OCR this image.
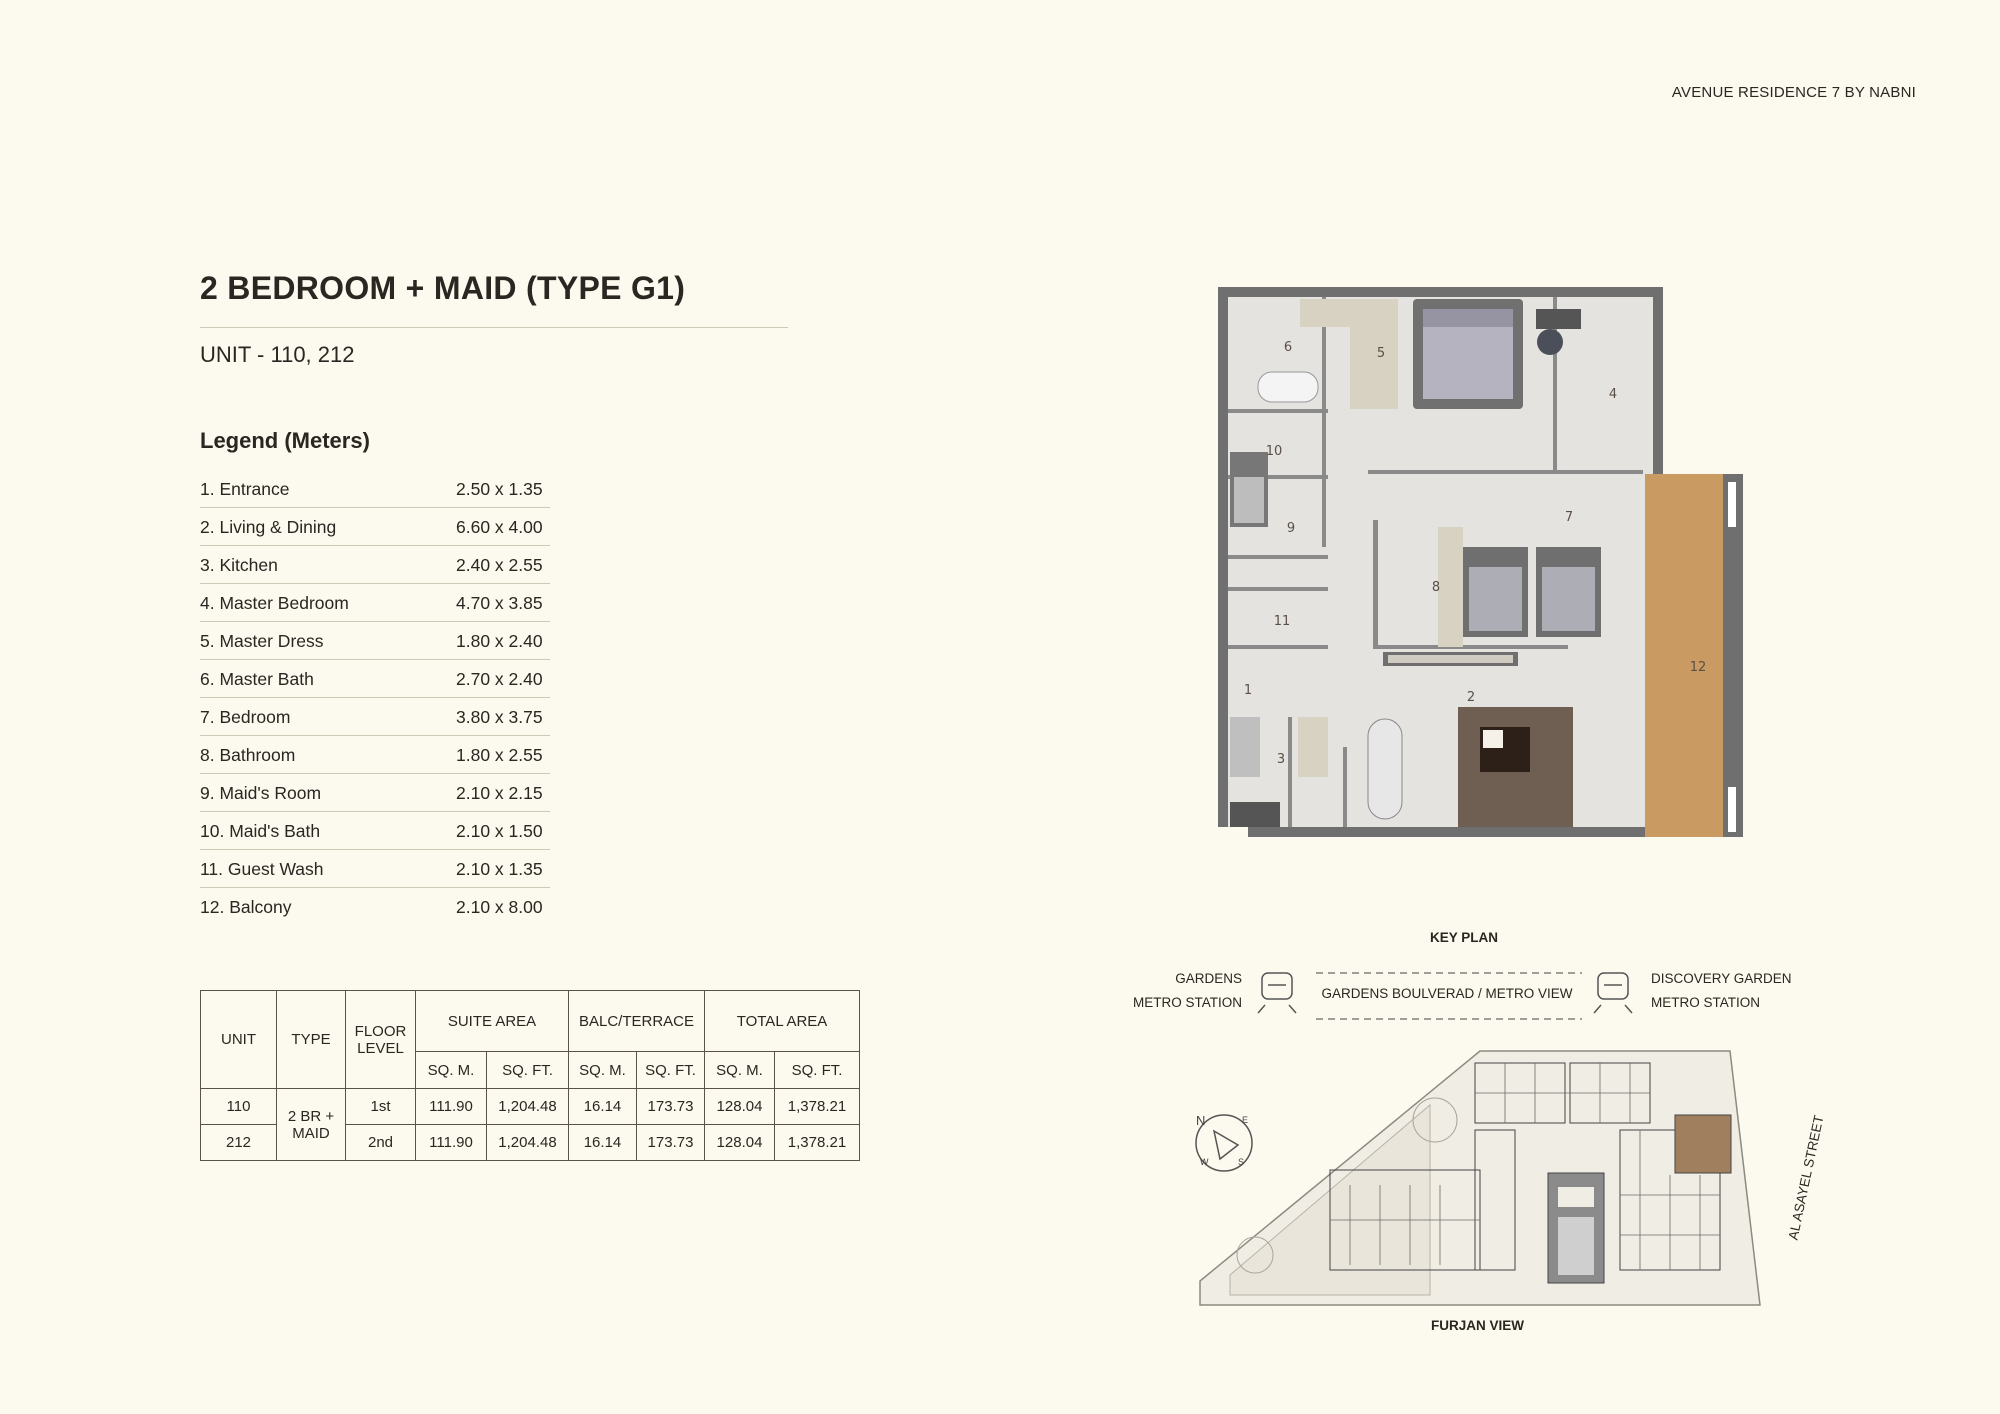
AVENUE RESIDENCE 7 BY NABNI
2 BEDROOM + MAID (TYPE G1)
UNIT - 110, 212
Legend (Meters)
1. Entrance	2.50 x 1.35
2. Living & Dining	6.60 x 4.00
3. Kitchen	2.40 x 2.55
4. Master Bedroom	4.70 x 3.85
5. Master Dress	1.80 x 2.40
6. Master Bath	2.70 x 2.40
7. Bedroom	3.80 x 3.75
8. Bathroom	1.80 x 2.55
9. Maid's Room	2.10 x 2.15
10. Maid's Bath	2.10 x 1.50
11. Guest Wash	2.10 x 1.35
12. Balcony	2.10 x 8.00
UNIT	TYPE	FLOOR LEVEL	SUITE AREA		BALC/TERRACE		TOTAL AREA	
			SQ. M.	SQ. FT.	SQ. M.	SQ. FT.	SQ. M.	SQ. FT.
110	2 BR + MAID	1st	111.90	1,204.48	16.14	173.73	128.04	1,378.21
212		2nd	111.90	1,204.48	16.14	173.73	128.04	1,378.21
1	2
3
4
5
6
7
8
9
10
11
12
KEY PLAN
GARDENS
METRO STATION
DISCOVERY GARDEN
METRO STATION
GARDENS BOULVERAD / METRO VIEW
FURJAN VIEW
AL ASAYEL STREET
N	E
S
W
